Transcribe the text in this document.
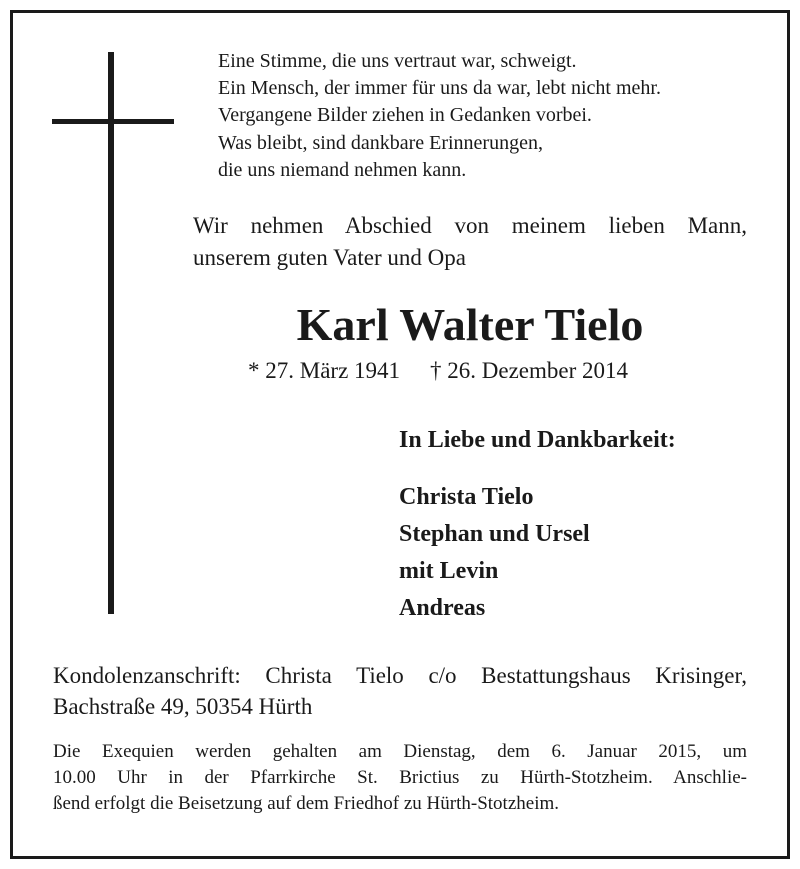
Eine Stimme, die uns vertraut war, schweigt.
Ein Mensch, der immer für uns da war, lebt nicht mehr.
Vergangene Bilder ziehen in Gedanken vorbei.
Was bleibt, sind dankbare Erinnerungen,
die uns niemand nehmen kann.

Wir nehmen Abschied von meinem lieben Mann,
unserem guten Vater und Opa

Karl Walter Tielo
* 27. März 1941 † 26. Dezember 2014
In Liebe und Dankbarkeit:
Christa Tielo
Stephan und Ursel
mit Levin
Andreas

Kondolenzanschrift: Christa Tielo c/o Bestattungshaus Krisinger,
Bachstraße 49, 50354 Hürth

Die Exequien werden gehalten am Dienstag, dem 6. Januar 2015, um
10.00 Uhr in der Pfarrkirche St. Brictius zu Hürth-Stotzheim. Anschlie-
ßend erfolgt die Beisetzung auf dem Friedhof zu Hürth-Stotzheim.
